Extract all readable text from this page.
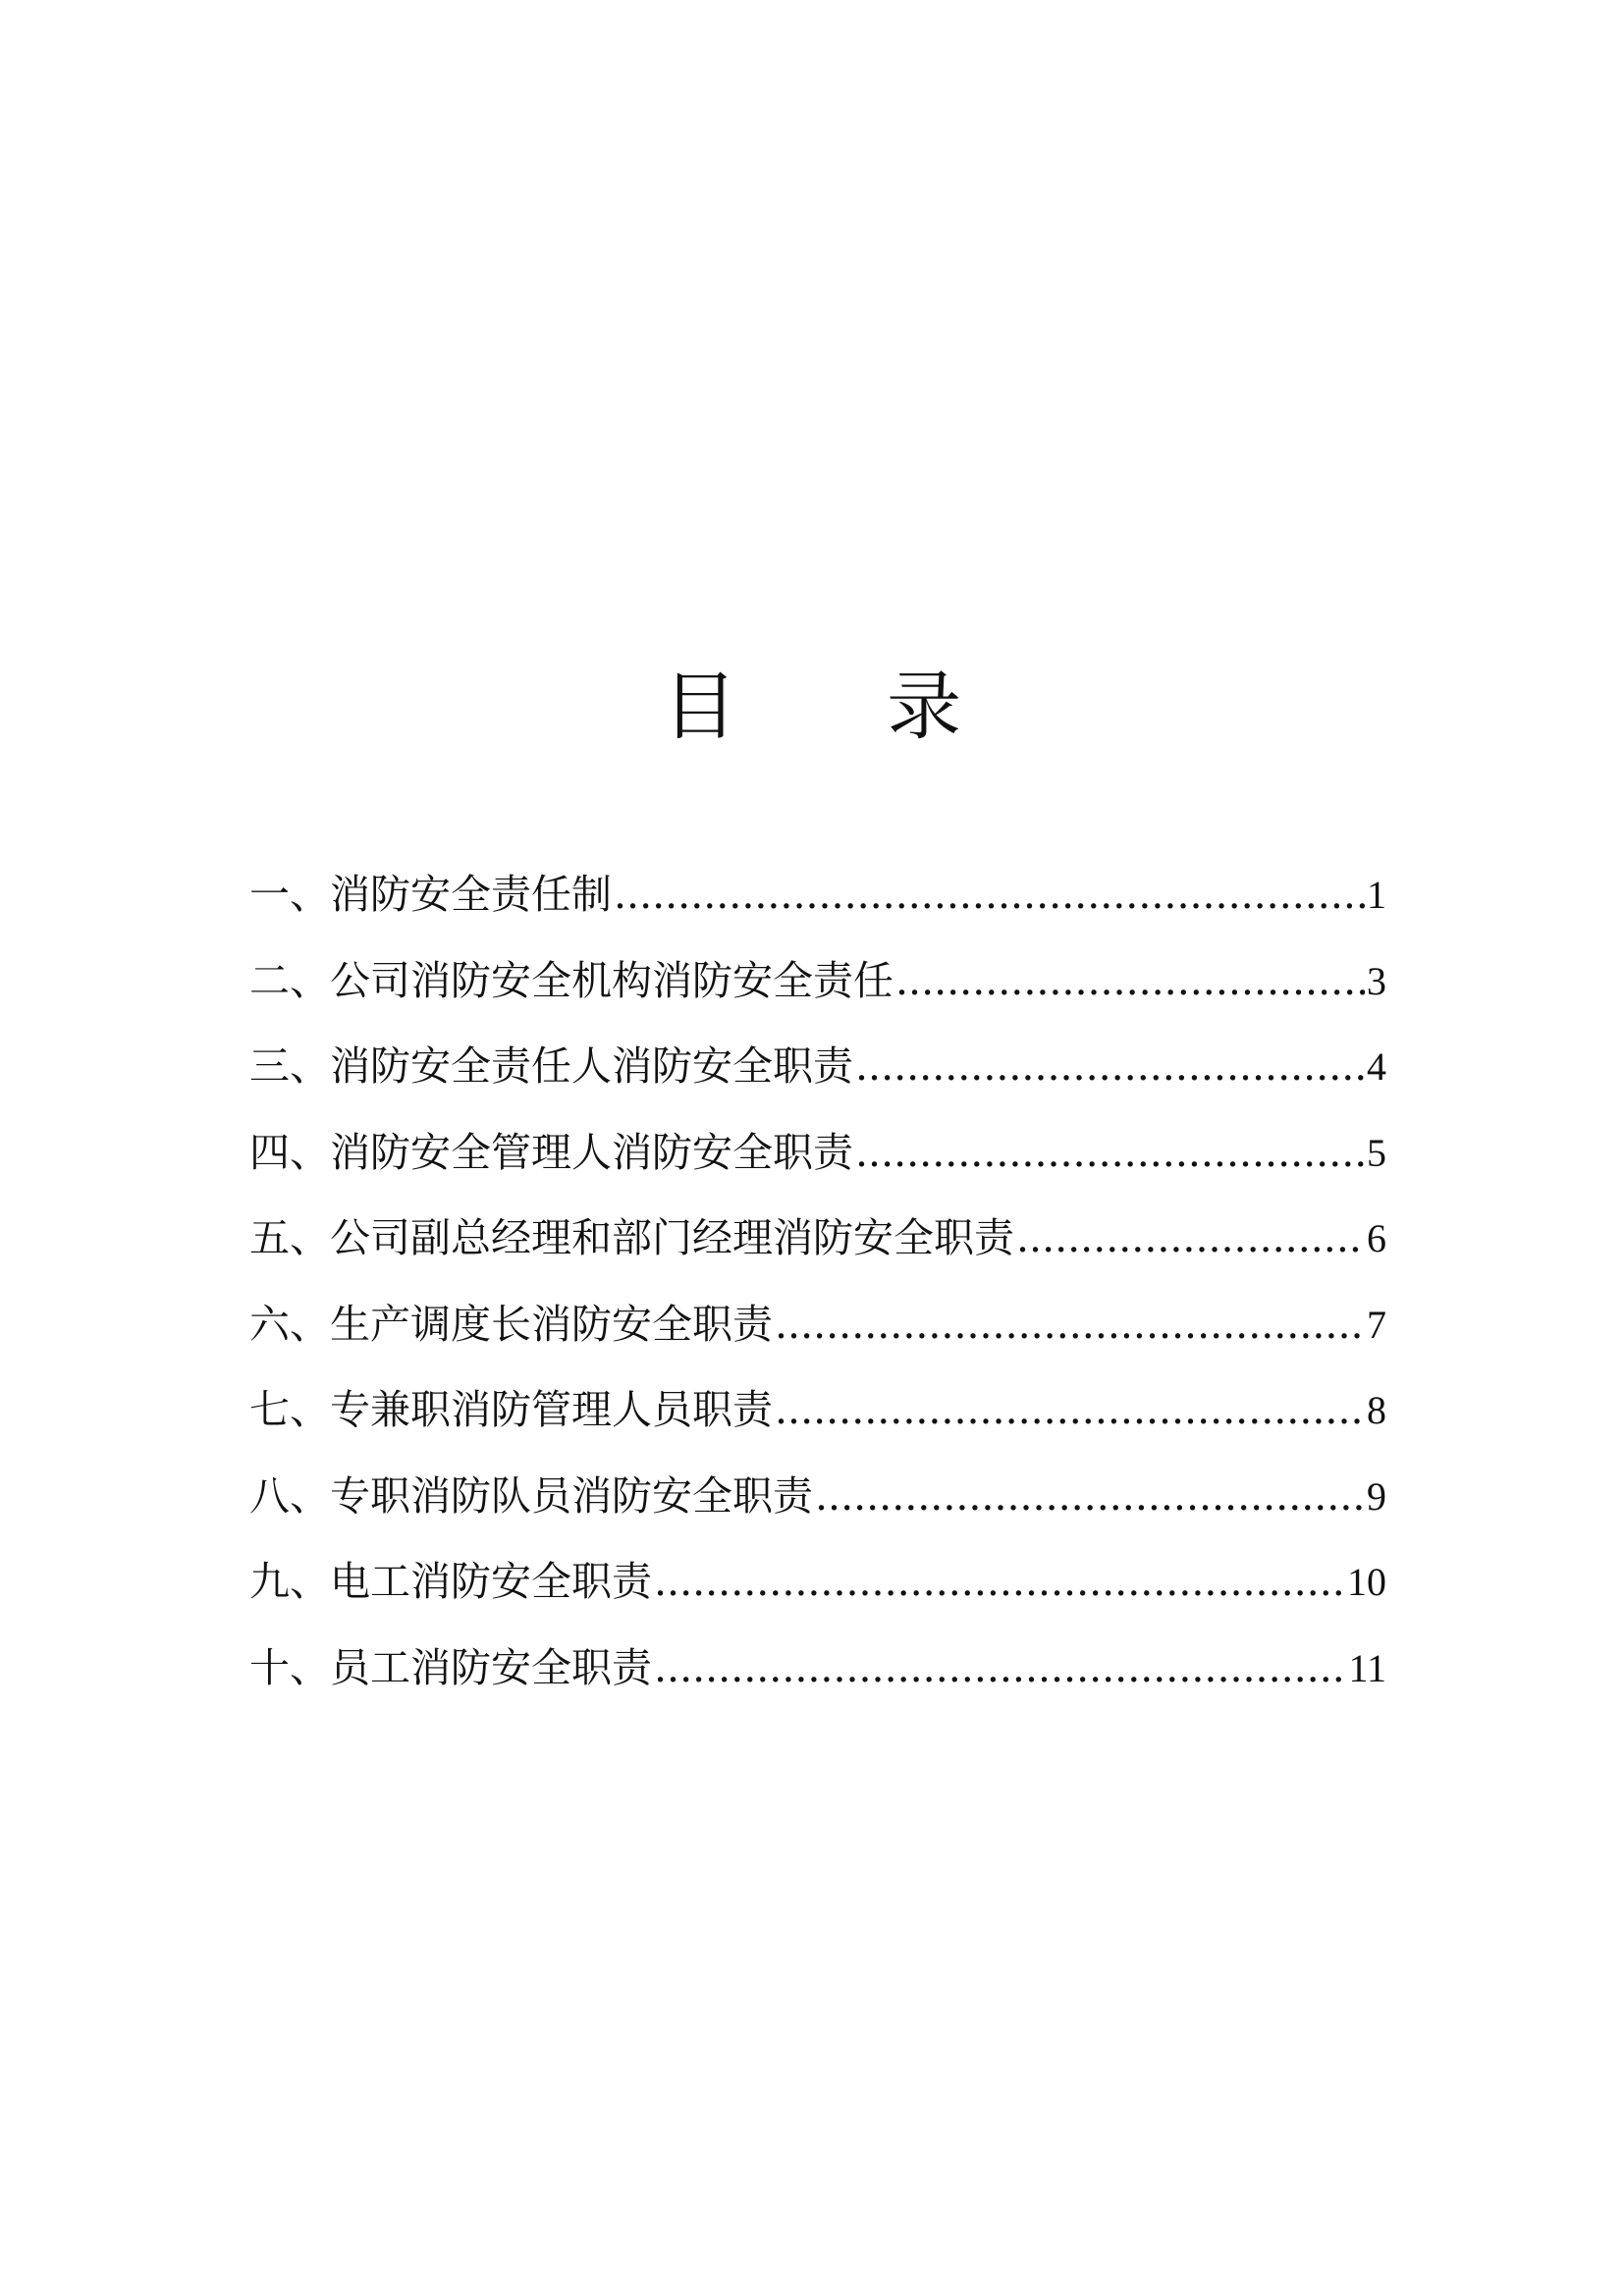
目 录
一、消防安全责任制 .....	1
二、公司消防安全机构消防安全责任 .....	3
三、消防安全责任人消防安全职责 .....	4
四、消防安全管理人消防安全职责 .....	5
五、公司副总经理和部门经理消防安全职责 .....	6
六、生产调度长消防安全职责 .....	7
七、专兼职消防管理人员职责 .....	8
八、专职消防队员消防安全职责 .....	9
九、电工消防安全职责 .....	10
十、员工消防安全职责 .....	11
